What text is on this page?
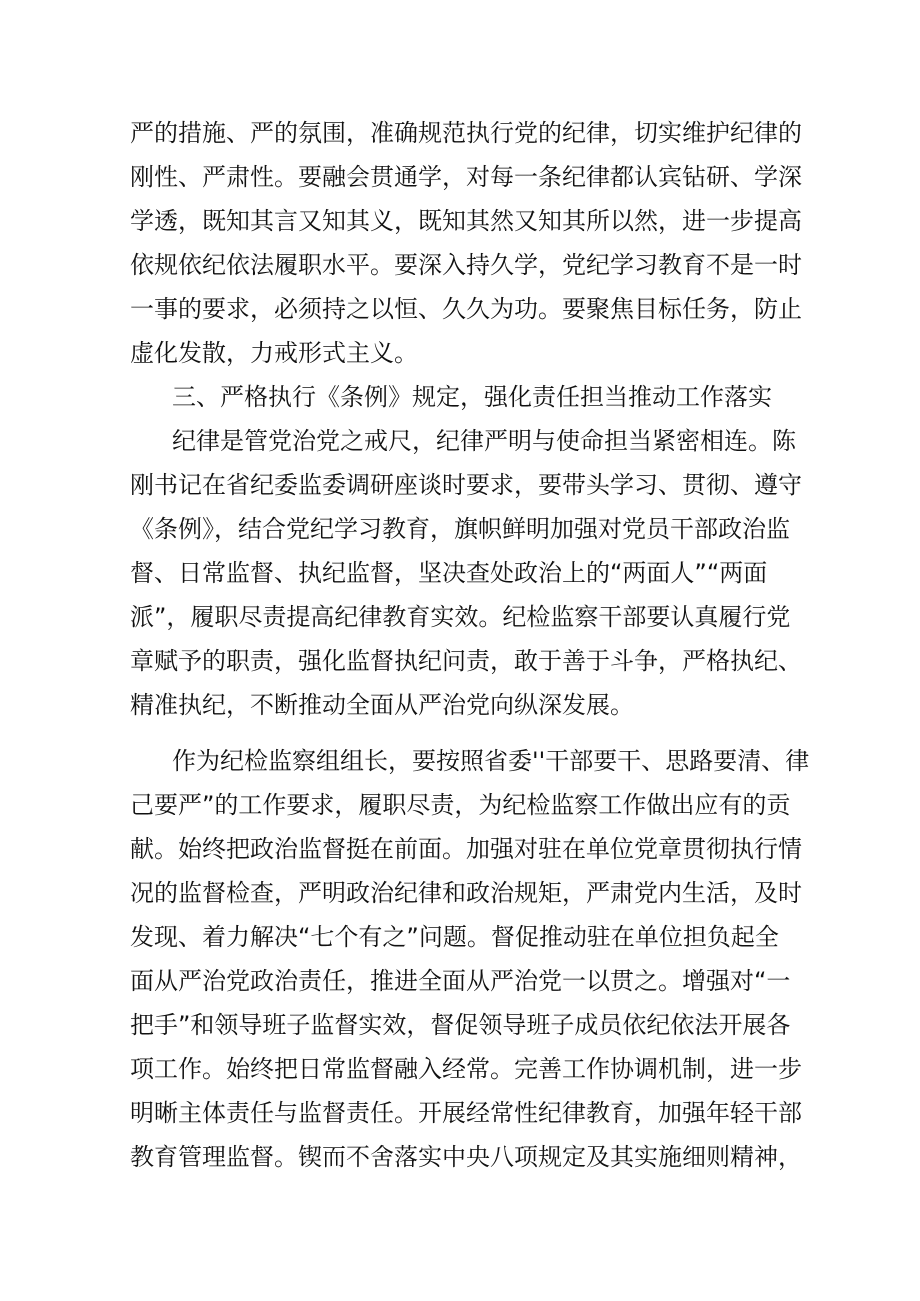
严的措施、严的氛围，准确规范执行党的纪律，切实维护纪律的
刚性、严肃性。要融会贯通学，对每一条纪律都认宾钻研、学深
学透，既知其言又知其义，既知其然又知其所以然，进一步提高
依规依纪依法履职水平。要深入持久学，党纪学习教育不是一时
一事的要求，必须持之以恒、久久为功。要聚焦目标任务，防止
虚化发散，力戒形式主义。
三、严格执行《条例》规定，强化责任担当推动工作落实
纪律是管党治党之戒尺，纪律严明与使命担当紧密相连。陈
刚书记在省纪委监委调研座谈时要求，要带头学习、贯彻、遵守
《条例》，结合党纪学习教育，旗帜鲜明加强对党员干部政治监
督、日常监督、执纪监督，坚决查处政治上的“两面人”“两面
派”，履职尽责提高纪律教育实效。纪检监察干部要认真履行党
章赋予的职责，强化监督执纪问责，敢于善于斗争，严格执纪、
精准执纪，不断推动全面从严治党向纵深发展。
作为纪检监察组组长，要按照省委''干部要干、思路要清、律
己要严”的工作要求，履职尽责，为纪检监察工作做出应有的贡
献。始终把政治监督挺在前面。加强对驻在单位党章贯彻执行情
况的监督检查，严明政治纪律和政治规矩，严肃党内生活，及时
发现、着力解决“七个有之”问题。督促推动驻在单位担负起全
面从严治党政治责任，推进全面从严治党一以贯之。增强对“一
把手”和领导班子监督实效，督促领导班子成员依纪依法开展各
项工作。始终把日常监督融入经常。完善工作协调机制，进一步
明晰主体责任与监督责任。开展经常性纪律教育，加强年轻干部
教育管理监督。锲而不舍落实中央八项规定及其实施细则精神，
